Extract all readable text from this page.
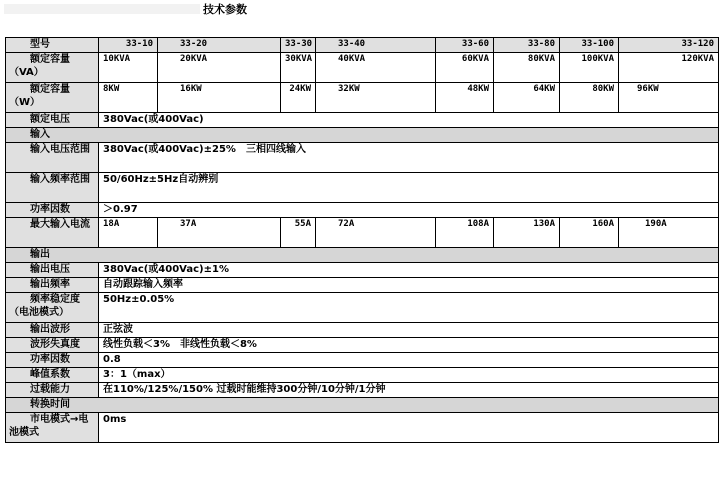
技术参数
型号	33-10	33-20	33-30	33-40	33-60	33-80	33-100	33-120
额定容量（VA）	10KVA	20KVA	30KVA	40KVA	60KVA	80KVA	100KVA	120KVA
额定容量（W）	8KW	16KW	24KW	32KW	48KW	64KW	80KW	96KW
额定电压	380Vac(或400Vac)							
输入								
输入电压范围	380Vac(或400Vac)±25%　三相四线输入							
输入频率范围	50/60Hz±5Hz自动辨别							
功率因数	＞0.97							
最大输入电流	18A	37A	55A	72A	108A	130A	160A	190A
输出								
输出电压	380Vac(或400Vac)±1%							
输出频率	自动跟踪输入频率							
频率稳定度（电池模式）	50Hz±0.05%							
输出波形	正弦波							
波形失真度	线性负载＜3%　非线性负载＜8%							
功率因数	0.8							
峰值系数	3：1（max）							
过载能力	在110%/125%/150% 过载时能维持300分钟/10分钟/1分钟							
转换时间								
市电模式→电池模式	0ms							
